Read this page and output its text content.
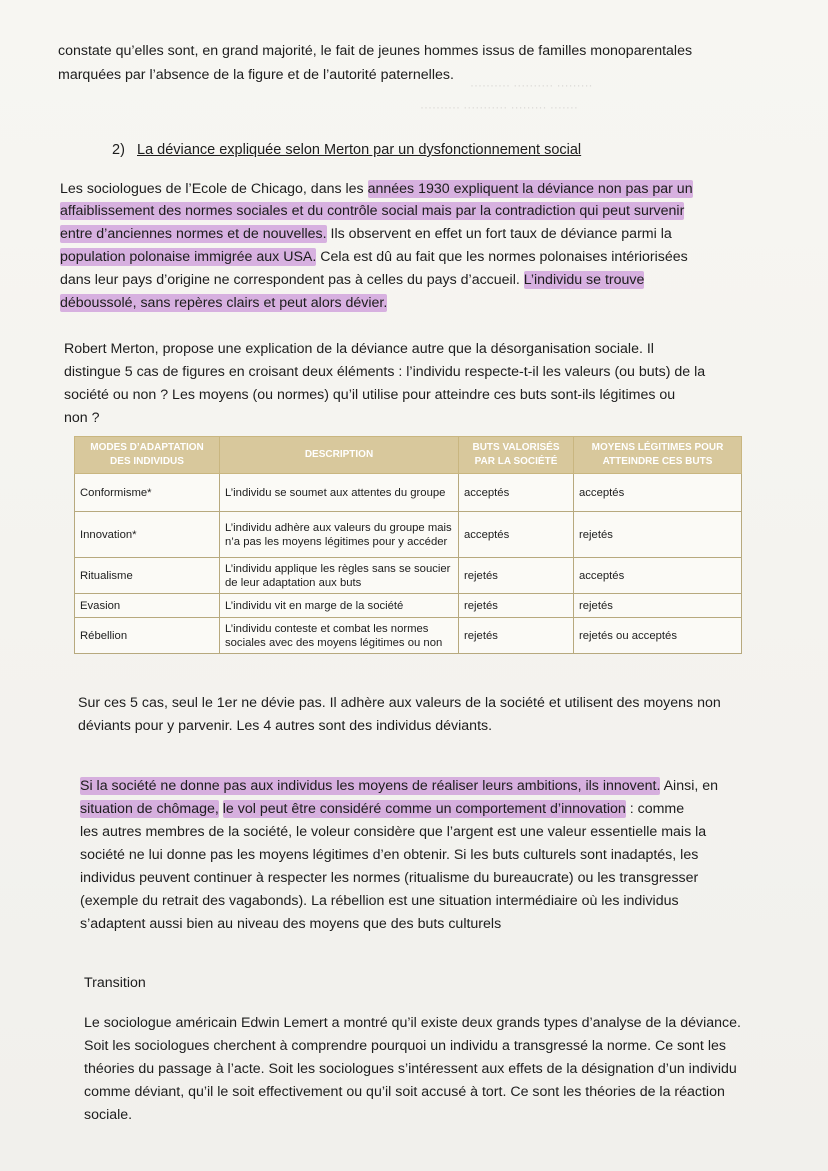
·········· ·········· ·········
·········· ··········· ········· ·······

constate qu’elles sont, en grand majorité, le fait de jeunes hommes issus de familles monoparentales

marquées par l’absence de la figure et de l’autorité paternelles.

2) La déviance expliquée selon Merton par un dysfonctionnement social

Les sociologues de l’Ecole de Chicago, dans les années 1930 expliquent la déviance non pas par un

affaiblissement des normes sociales et du contrôle social mais par la contradiction qui peut survenir

entre d’anciennes normes et de nouvelles. Ils observent en effet un fort taux de déviance parmi la

population polonaise immigrée aux USA. Cela est dû au fait que les normes polonaises intériorisées

dans leur pays d’origine ne correspondent pas à celles du pays d’accueil. L’individu se trouve

déboussolé, sans repères clairs et peut alors dévier.

Robert Merton, propose une explication de la déviance autre que la désorganisation sociale. Il

distingue 5 cas de figures en croisant deux éléments : l’individu respecte-t-il les valeurs (ou buts) de la

société ou non ? Les moyens (ou normes) qu’il utilise pour atteindre ces buts sont-ils légitimes ou

non ?

MODES D’ADAPTATION DES INDIVIDUS	DESCRIPTION	BUTS VALORISÉS PAR LA SOCIÉTÉ	MOYENS LÉGITIMES POUR ATTEINDRE CES BUTS
Conformisme*	L’individu se soumet aux attentes du groupe	acceptés	acceptés
Innovation*	L’individu adhère aux valeurs du groupe mais n’a pas les moyens légitimes pour y accéder	acceptés	rejetés
Ritualisme	L’individu applique les règles sans se soucier de leur adaptation aux buts	rejetés	acceptés
Evasion	L’individu vit en marge de la société	rejetés	rejetés
Rébellion	L’individu conteste et combat les normes sociales avec des moyens légitimes ou non	rejetés	rejetés ou acceptés

Sur ces 5 cas, seul le 1er ne dévie pas. Il adhère aux valeurs de la société et utilisent des moyens non

déviants pour y parvenir. Les 4 autres sont des individus déviants.

Si la société ne donne pas aux individus les moyens de réaliser leurs ambitions, ils innovent. Ainsi, en

situation de chômage, le vol peut être considéré comme un comportement d’innovation : comme

les autres membres de la société, le voleur considère que l’argent est une valeur essentielle mais la

société ne lui donne pas les moyens légitimes d’en obtenir. Si les buts culturels sont inadaptés, les

individus peuvent continuer à respecter les normes (ritualisme du bureaucrate) ou les transgresser

(exemple du retrait des vagabonds). La rébellion est une situation intermédiaire où les individus

s’adaptent aussi bien au niveau des moyens que des buts culturels

Transition

Le sociologue américain Edwin Lemert a montré qu’il existe deux grands types d’analyse de la déviance.

Soit les sociologues cherchent à comprendre pourquoi un individu a transgressé la norme. Ce sont les

théories du passage à l’acte. Soit les sociologues s’intéressent aux effets de la désignation d’un individu

comme déviant, qu’il le soit effectivement ou qu’il soit accusé à tort. Ce sont les théories de la réaction

sociale.
